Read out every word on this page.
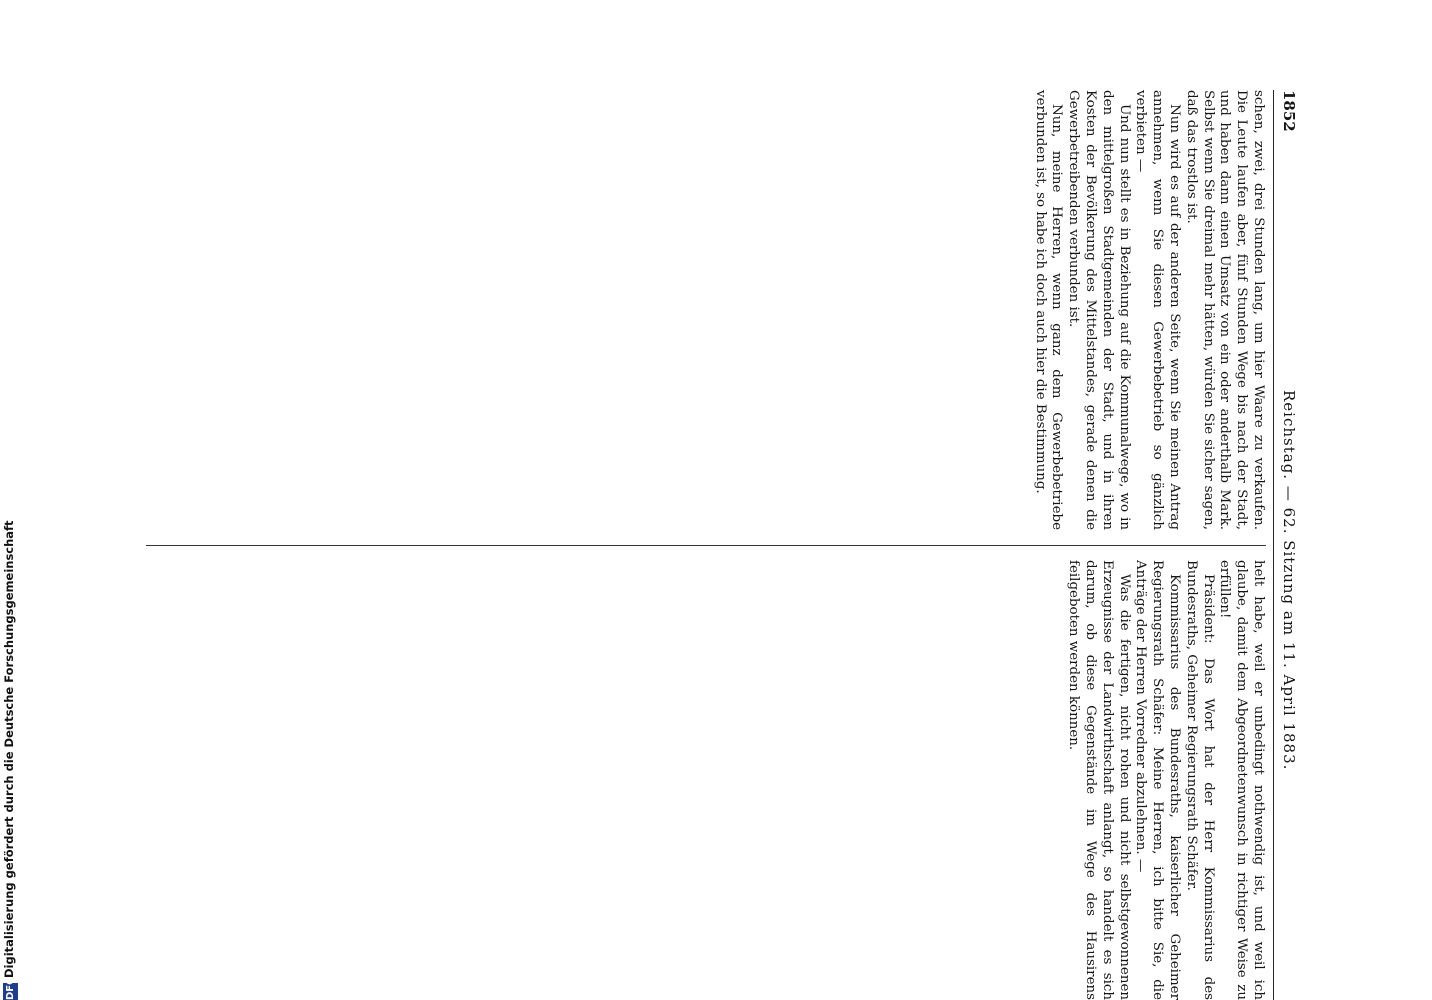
1852
Reichstag. — 62. Sitzung am 11. April 1883.

schen, zwei, drei Stunden lang, um hier Waare zu verkaufen. Die Leute laufen aber, fünf Stunden Wege bis nach der Stadt, und haben dann einen Umsatz von ein oder anderthalb Mark. Selbst wenn Sie dreimal mehr hätten, würden Sie sicher sagen, daß das trostlos ist.

Nun wird es auf der anderen Seite, wenn Sie meinen Antrag annehmen, wenn Sie diesen Gewerbebetrieb so gänzlich verbieten —

Und nun stellt es in Beziehung auf die Kommunalwege, wo in den mittelgroßen Stadtgemeinden der Stadt, und in ihren Kosten der Bevölkerung des Mittelstandes, gerade denen die Gewerbetreibenden verbunden ist.

Nun, meine Herren, wenn ganz dem Gewerbebetriebe verbunden ist, so habe ich doch auch hier die Bestimmung.

helt habe, weil er unbedingt nothwendig ist, und weil ich glaube, damit dem Abgeordnetenwunsch in richtiger Weise zu erfüllen!

Präsident: Das Wort hat der Herr Kommissarius des Bundesraths, Geheimer Regierungsrath Schäfer.

Kommissarius des Bundesraths, kaiserlicher Geheimer Regierungsrath Schäfer: Meine Herren, ich bitte Sie, die Anträge der Herren Vorredner abzulehnen. —

Was die fertigen, nicht rohen und nicht selbstgewonnenen Erzeugnisse der Landwirthschaft anlangt, so handelt es sich darum, ob diese Gegenstände im Wege des Hausirens feilgeboten werden können.

DFG
Digitalisierung gefördert durch die Deutsche Forschungsgemeinschaft
